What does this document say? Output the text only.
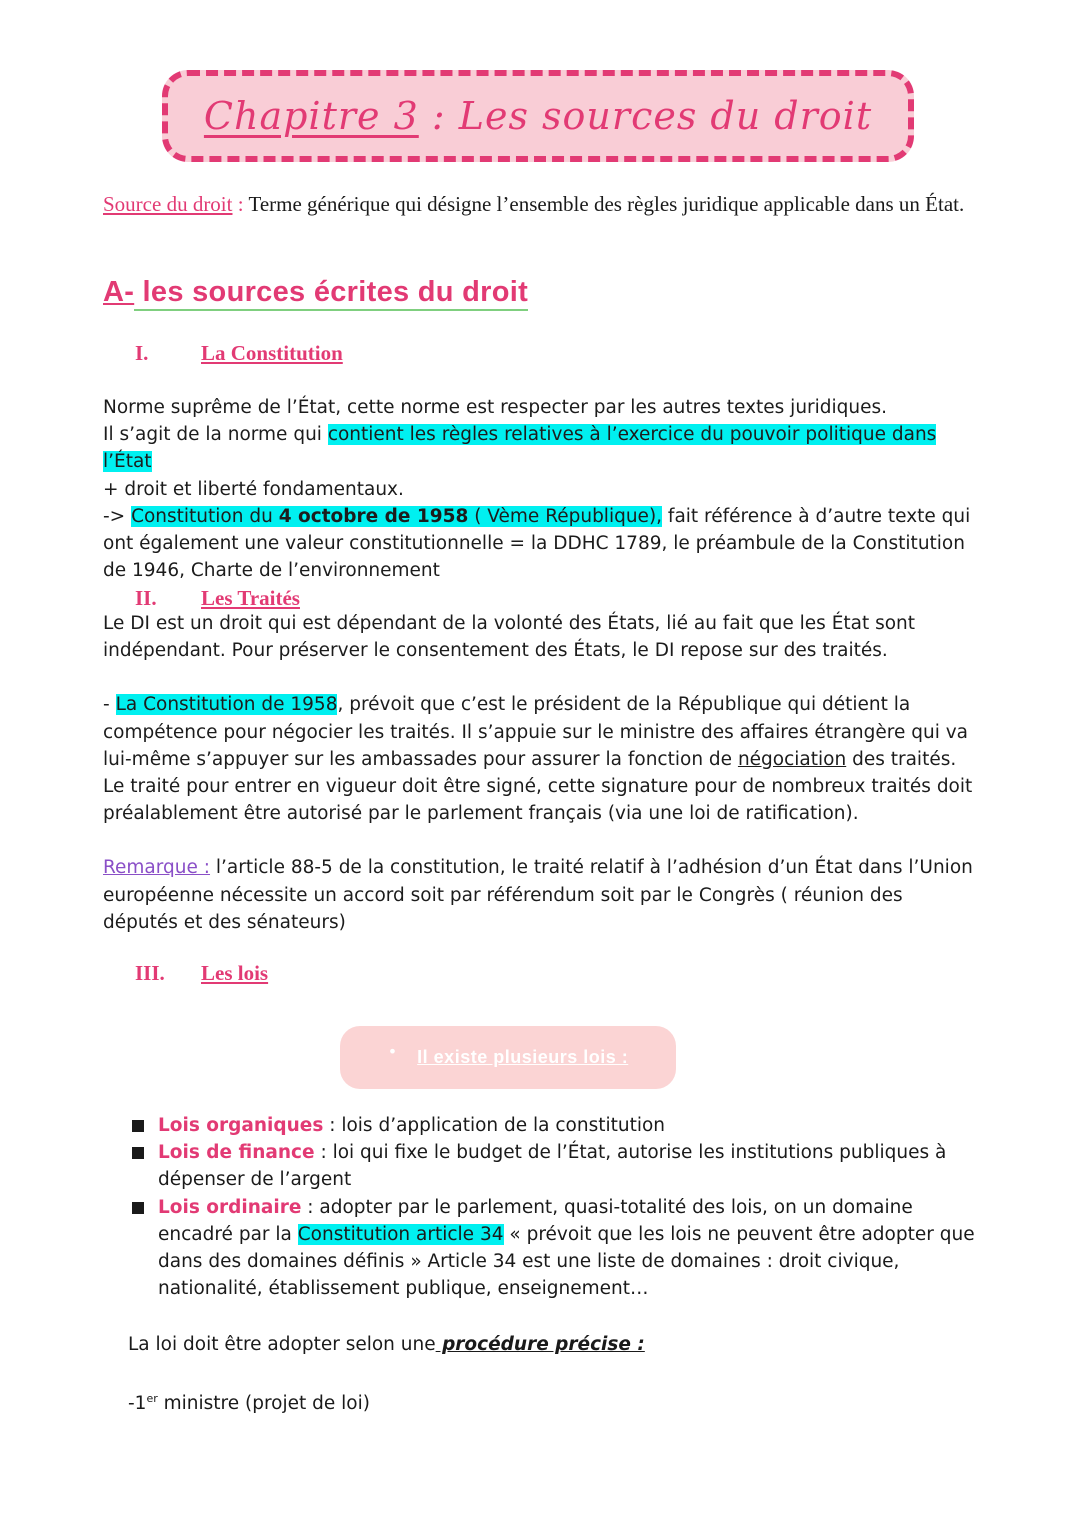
Chapitre 3 : Les sources du droit
Source du droit : Terme générique qui désigne l’ensemble des règles juridique applicable dans un État.
A- les sources écrites du droit
I.	La Constitution

Norme suprême de l’État, cette norme est respecter par les autres textes juridiques.

Il s’agit de la norme qui contient les règles relatives à l’exercice du pouvoir politique dans l’État
+ droit et liberté fondamentaux.

-> Constitution du 4 octobre de 1958 ( Vème République), fait référence à d’autre texte qui ont également une valeur constitutionnelle = la DDHC 1789, le préambule de la Constitution de 1946, Charte de l’environnement

II.	Les Traités

Le DI est un droit qui est dépendant de la volonté des États, lié au fait que les État sont indépendant. Pour préserver le consentement des États, le DI repose sur des traités.

- La Constitution de 1958, prévoit que c’est le président de la République qui détient la compétence pour négocier les traités. Il s’appuie sur le ministre des affaires étrangère qui va lui-même s’appuyer sur les ambassades pour assurer la fonction de négociation des traités. Le traité pour entrer en vigueur doit être signé, cette signature pour de nombreux traités doit préalablement être autorisé par le parlement français (via une loi de ratification).

Remarque : l’article 88-5 de la constitution, le traité relatif à l’adhésion d’un État dans l’Union européenne nécessite un accord soit par référendum soit par le Congrès ( réunion des députés et des sénateurs)

III.	Les lois
• Il existe plusieurs lois :
Lois organiques : lois d’application de la constitution
Lois de finance : loi qui fixe le budget de l’État, autorise les institutions publiques à dépenser de l’argent
Lois ordinaire : adopter par le parlement, quasi-totalité des lois, on un domaine encadré par la Constitution article 34 « prévoit que les lois ne peuvent être adopter que dans des domaines définis » Article 34 est une liste de domaines : droit civique, nationalité, établissement publique, enseignement…
La loi doit être adopter selon une procédure précise :
-1er ministre (projet de loi)
